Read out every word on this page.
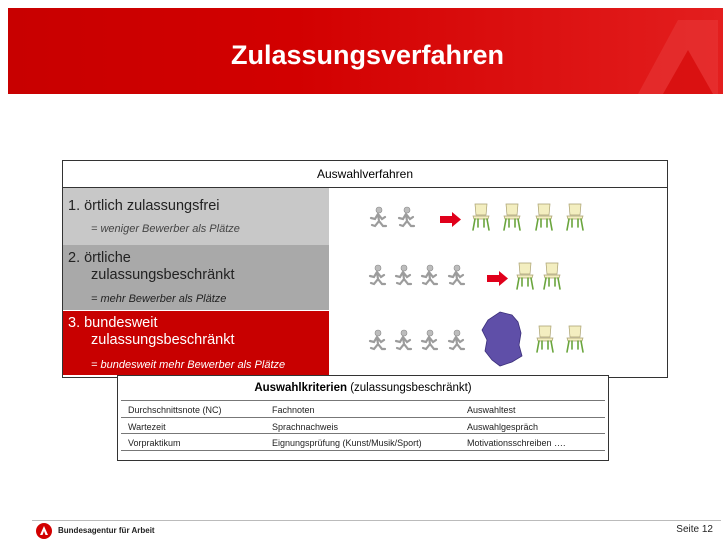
Zulassungsverfahren
Auswahlverfahren
1. örtlich zulassungsfrei
= weniger Bewerber als Plätze
2. örtliche
zulassungsbeschränkt
= mehr Bewerber als Plätze
3. bundesweit
zulassungsbeschränkt
= bundesweit mehr Bewerber als Plätze
Auswahlkriterien (zulassungsbeschränkt)
Durchschnittsnote (NC)
Wartezeit
Vorpraktikum
Fachnoten
Sprachnachweis
Eignungsprüfung (Kunst/Musik/Sport)
Auswahltest
Auswahlgespräch
Motivationsschreiben ….
Bundesagentur für Arbeit	Seite 12
